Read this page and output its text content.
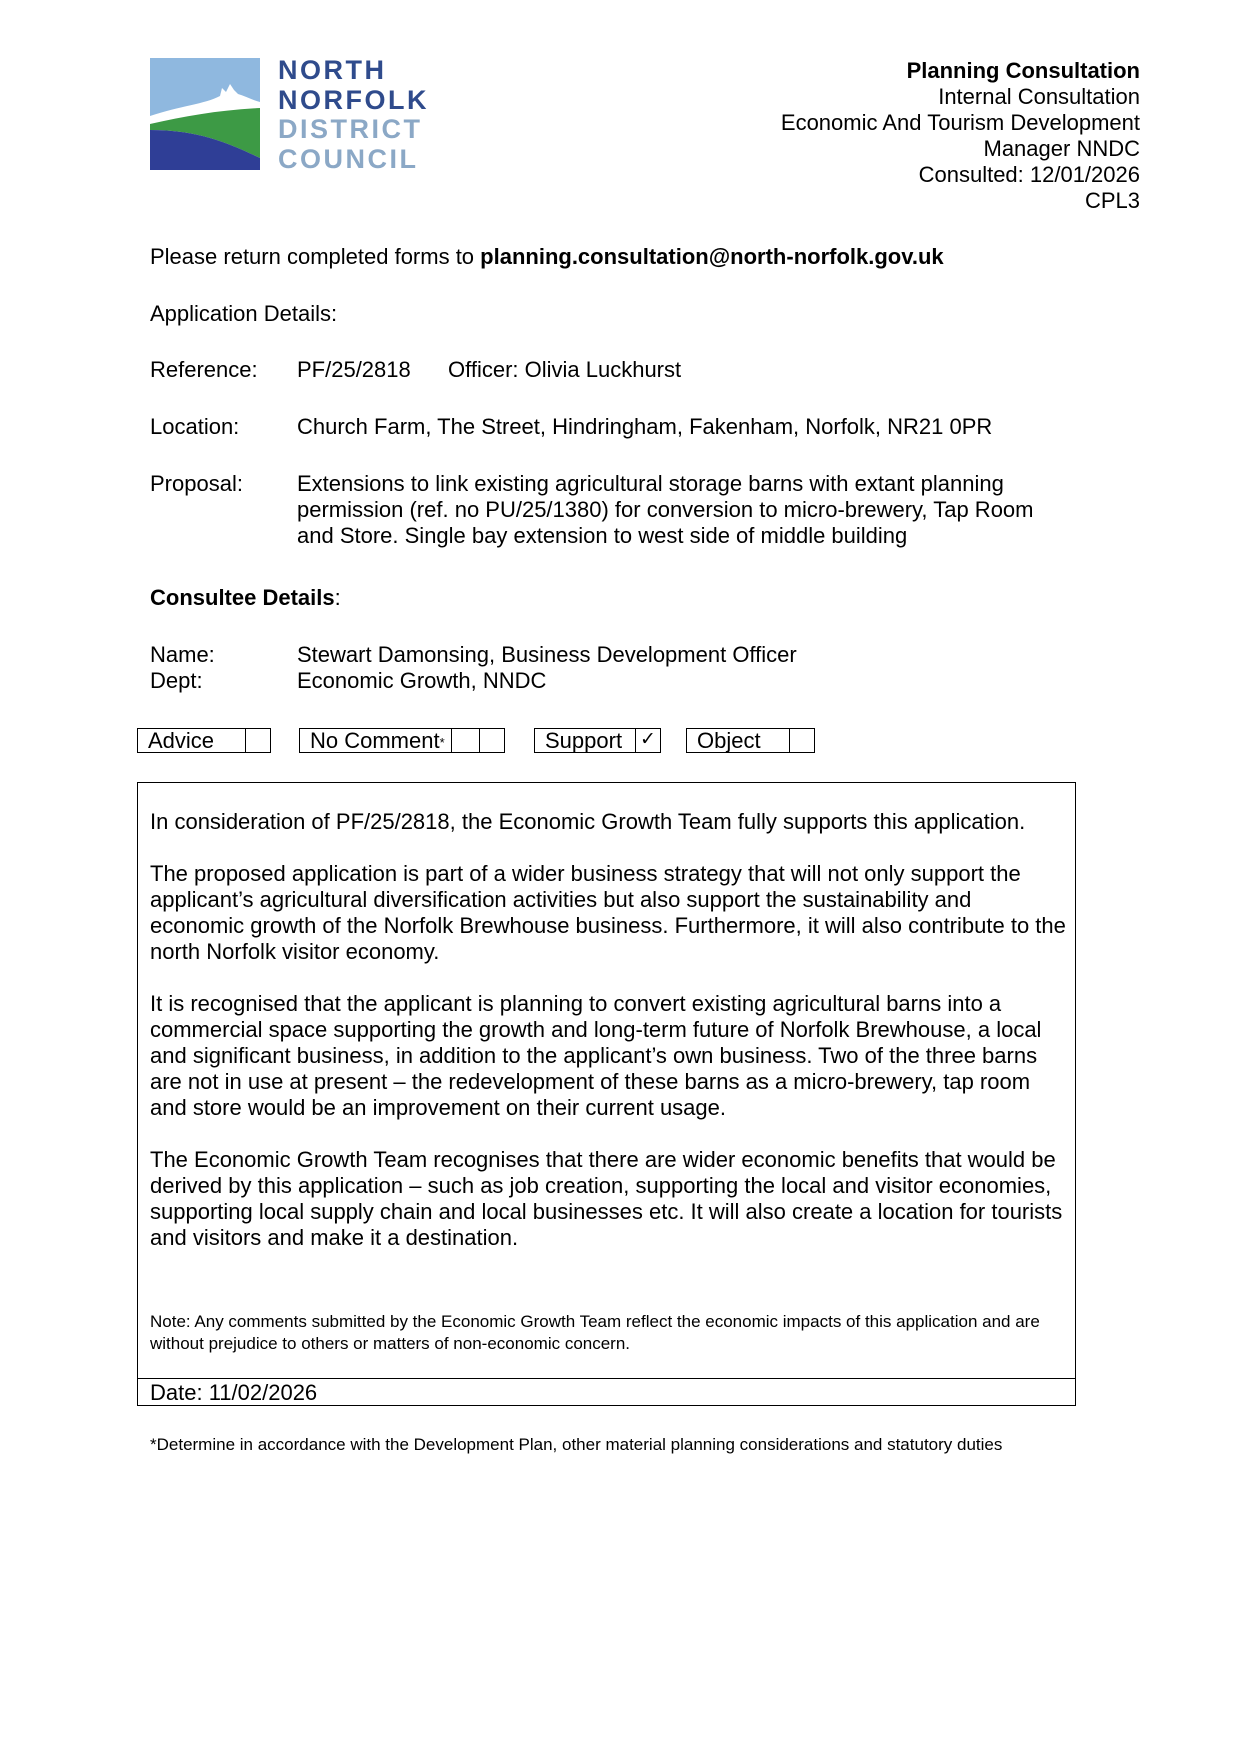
NORTH
NORFOLK
DISTRICT
COUNCIL
Planning Consultation
Internal Consultation
Economic And Tourism Development
Manager NNDC
Consulted: 12/01/2026
CPL3
Please return completed forms to planning.consultation@north-norfolk.gov.uk
Application Details:
Reference: PF/25/2818 Officer: Olivia Luckhurst
Location:	Church Farm, The Street, Hindringham, Fakenham, Norfolk, NR21 0PR
Proposal: Extensions to link existing agricultural storage barns with extant planning
permission (ref. no PU/25/1380) for conversion to micro-brewery, Tap Room
and Store. Single bay extension to west side of middle building
Consultee Details:
Name:	Stewart Damonsing, Business Development Officer
Dept:	Economic Growth, NNDC
Advice	No Comment*	Support ✓ Object

In consideration of PF/25/2818, the Economic Growth Team fully supports this application.

The proposed application is part of a wider business strategy that will not only support the applicant’s agricultural diversification activities but also support the sustainability and economic growth of the Norfolk Brewhouse business. Furthermore, it will also contribute to the north Norfolk visitor economy.

It is recognised that the applicant is planning to convert existing agricultural barns into a commercial space supporting the growth and long-term future of Norfolk Brewhouse, a local and significant business, in addition to the applicant’s own business. Two of the three barns are not in use at present – the redevelopment of these barns as a micro-brewery, tap room and store would be an improvement on their current usage.

The Economic Growth Team recognises that there are wider economic benefits that would be derived by this application – such as job creation, supporting the local and visitor economies, supporting local supply chain and local businesses etc. It will also create a location for tourists and visitors and make it a destination.

Note: Any comments submitted by the Economic Growth Team reflect the economic impacts of this application and are without prejudice to others or matters of non-economic concern.
Date: 11/02/2026
*Determine in accordance with the Development Plan, other material planning considerations and statutory duties
